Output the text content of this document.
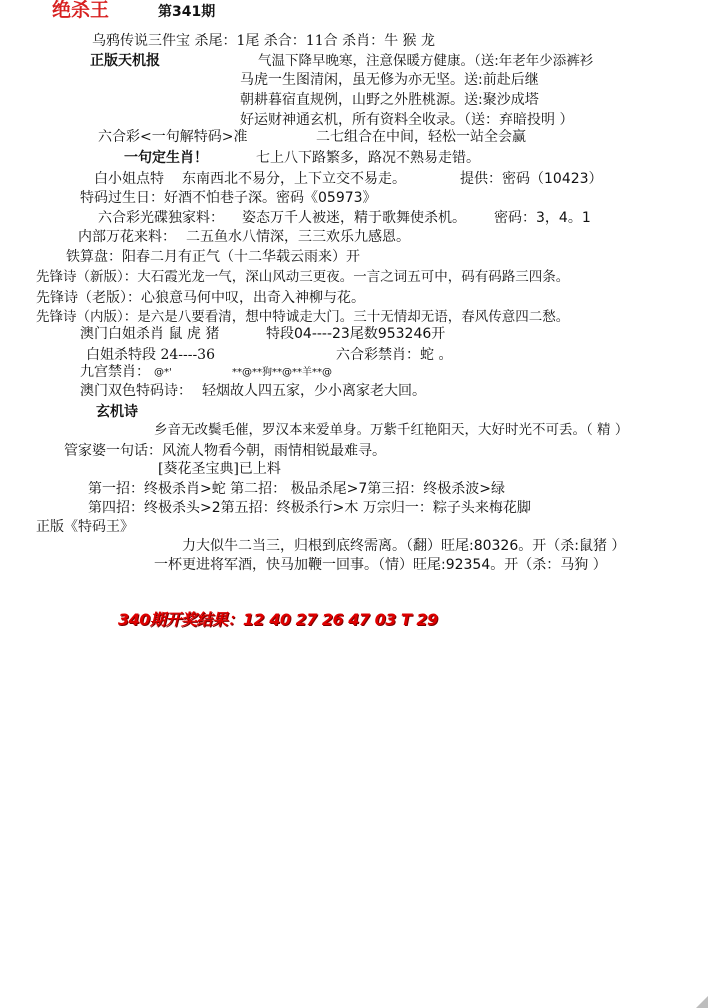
绝杀王	第341期
乌鸦传说三件宝 杀尾：1尾 杀合：11合 杀肖：牛 猴 龙
正版天机报	气温下降早晚寒，注意保暖方健康。（送:年老年少添裤衫
马虎一生图清闲，虽无修为亦无坚。送:前赴后继
朝耕暮宿直规例，山野之外胜桃源。送:聚沙成塔
好运财神通玄机，所有资料全收录。（送：弃暗投明 ）
六合彩<一句解特码>准	二七组合在中间，轻松一站全会赢
一句定生肖！	七上八下路繁多，路况不熟易走错。
白小姐点特 东南西北不易分，上下立交不易走。	提供：密码（10423）
特码过生日：好酒不怕巷子深。密码《05973》
六合彩光碟独家料： 姿态万千人被迷，精于歌舞使杀机。 密码：3，4。1
内部万花来料： 二五鱼水八情深，三三欢乐九感恩。
铁算盘：阳春二月有正气（十二华载云雨来）开
先锋诗（新版）：大石霞光龙一气，深山风动三更夜。一言之词五可中，码有码路三四条。
先锋诗（老版）：心狼意马何中叹，出奇入神柳与花。
先锋诗（内版）：是六是八要看清，想中特诚走大门。三十无情却无语，春风传意四二愁。
澳门白姐杀肖 鼠 虎 猪	特段04----23尾数953246开
白姐杀特段 24----36	六合彩禁肖：蛇 。
九宫禁肖： @*'	**@**狗**@**羊**@
澳门双色特码诗： 轻烟故人四五家，少小离家老大回。
玄机诗
乡音无改鬓毛催，罗汉本来爱单身。万紫千红艳阳天，大好时光不可丢。（ 精 ）
管家婆一句话：风流人物看今朝，雨情相锐最难寻。
[葵花圣宝典]已上料
第一招：终极杀肖>蛇 第二招： 极品杀尾>7第三招：终极杀波>绿
第四招：终极杀头>2第五招：终极杀行>木 万宗归一：粽子头来梅花脚
正版《特码王》
力大似牛二当三，归根到底终需离。（翻）旺尾:80326。开（杀:鼠猪 ）
一杯更进将军酒，快马加鞭一回事。（情）旺尾:92354。开（杀：马狗 ）
340期开奖结果：12 40 27 26 47 03 T 29
